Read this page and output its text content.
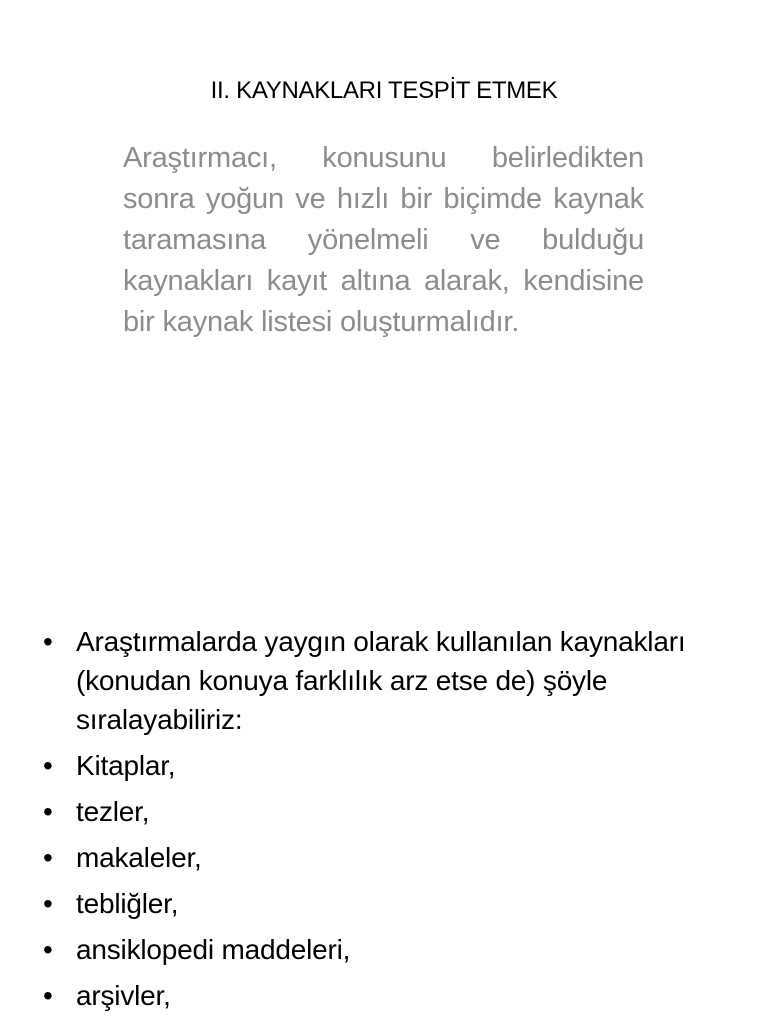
II. KAYNAKLARI TESPİT ETMEK
Araştırmacı, konusunu belirledikten sonra yoğun ve hızlı bir biçimde kaynak taramasına yönelmeli ve bulduğu kaynakları kayıt altına alarak, kendisine bir kaynak listesi oluşturmalıdır.
• Araştırmalarda yaygın olarak kullanılan kaynakları (konudan konuya farklılık arz etse de) şöyle sıralayabiliriz:
• Kitaplar,
• tezler,
• makaleler,
• tebliğler,
• ansiklopedi maddeleri,
• arşivler,
